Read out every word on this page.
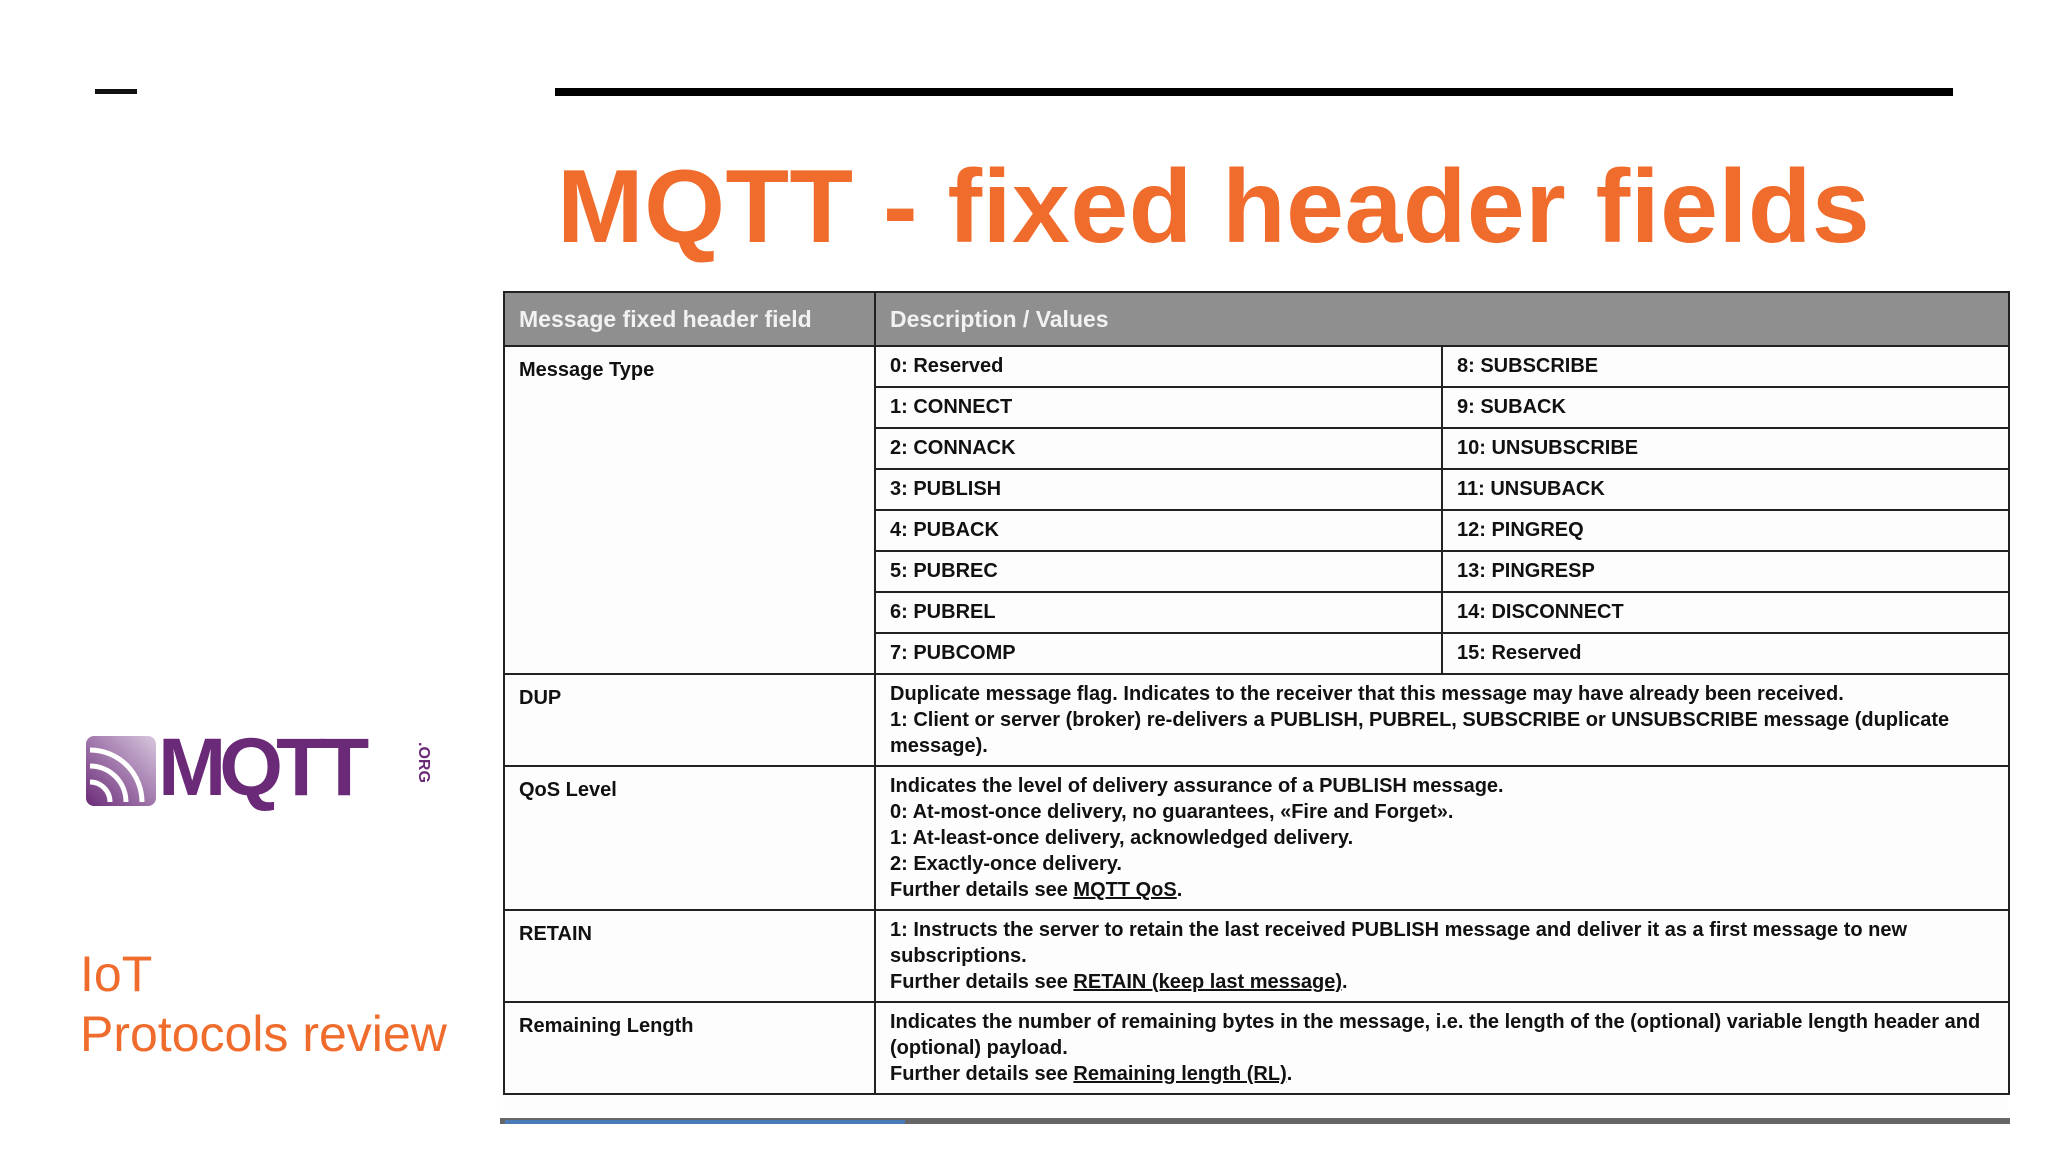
MQTT - fixed header fields
MQTT	.ORG
IoT
Protocols review
Message fixed header field	Description / Values	
Message Type	0: Reserved	8: SUBSCRIBE
	1: CONNECT	9: SUBACK
	2: CONNACK	10: UNSUBSCRIBE
	3: PUBLISH	11: UNSUBACK
	4: PUBACK	12: PINGREQ
	5: PUBREC	13: PINGRESP
	6: PUBREL	14: DISCONNECT
	7: PUBCOMP	15: Reserved
DUP	Duplicate message flag. Indicates to the receiver that this message may have already been received.
1: Client or server (broker) re-delivers a PUBLISH, PUBREL, SUBSCRIBE or UNSUBSCRIBE message (duplicate message).	

QoS Level	Indicates the level of delivery assurance of a PUBLISH message.
0: At-most-once delivery, no guarantees, «Fire and Forget».
1: At-least-once delivery, acknowledged delivery.
2: Exactly-once delivery.
Further details see MQTT QoS.	

RETAIN	1: Instructs the server to retain the last received PUBLISH message and deliver it as a first message to new subscriptions.
Further details see RETAIN (keep last message).	

Remaining Length	Indicates the number of remaining bytes in the message, i.e. the length of the (optional) variable length header and (optional) payload.
Further details see Remaining length (RL).	
